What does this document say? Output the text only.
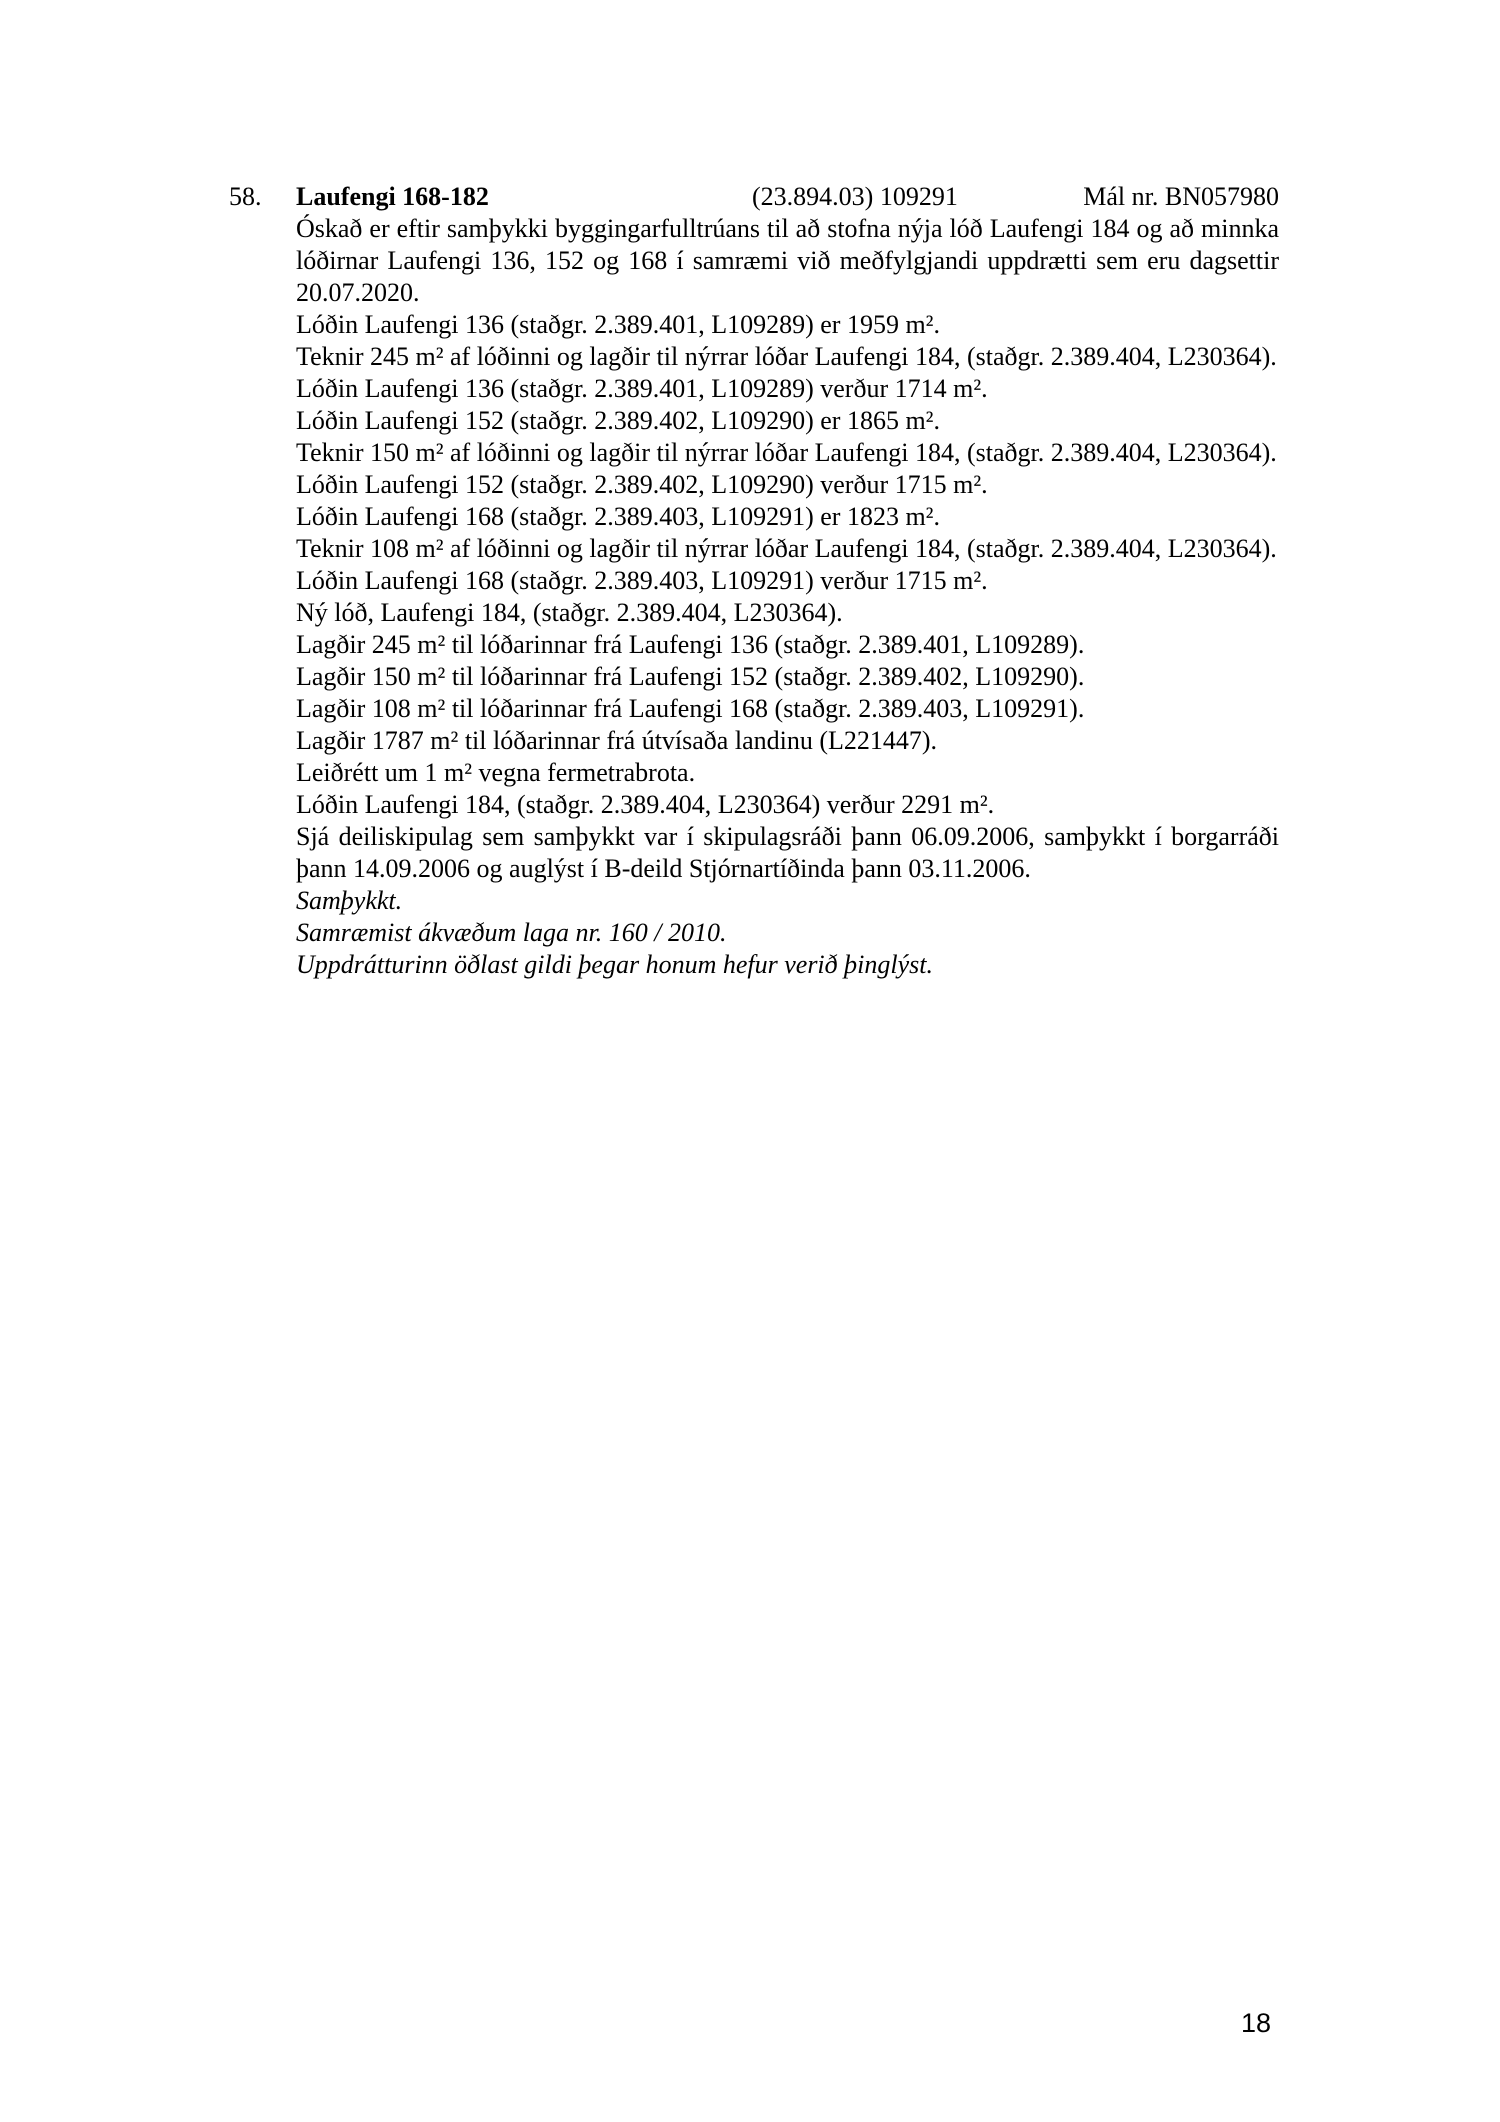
58. Laufengi 168-182	(23.894.03) 109291	Mál nr. BN057980

Óskað er eftir samþykki byggingarfulltrúans til að stofna nýja lóð Laufengi 184 og að minnka lóðirnar Laufengi 136, 152 og 168 í samræmi við meðfylgjandi uppdrætti sem eru dagsettir 20.07.2020.

Lóðin Laufengi 136 (staðgr. 2.389.401, L109289) er 1959 m².

Teknir 245 m² af lóðinni og lagðir til nýrrar lóðar Laufengi 184, (staðgr. 2.389.404, L230364).

Lóðin Laufengi 136 (staðgr. 2.389.401, L109289) verður 1714 m².

Lóðin Laufengi 152 (staðgr. 2.389.402, L109290) er 1865 m².

Teknir 150 m² af lóðinni og lagðir til nýrrar lóðar Laufengi 184, (staðgr. 2.389.404, L230364).

Lóðin Laufengi 152 (staðgr. 2.389.402, L109290) verður 1715 m².

Lóðin Laufengi 168 (staðgr. 2.389.403, L109291) er 1823 m².

Teknir 108 m² af lóðinni og lagðir til nýrrar lóðar Laufengi 184, (staðgr. 2.389.404, L230364).

Lóðin Laufengi 168 (staðgr. 2.389.403, L109291) verður 1715 m².

Ný lóð, Laufengi 184, (staðgr. 2.389.404, L230364).

Lagðir 245 m² til lóðarinnar frá Laufengi 136 (staðgr. 2.389.401, L109289).

Lagðir 150 m² til lóðarinnar frá Laufengi 152 (staðgr. 2.389.402, L109290).

Lagðir 108 m² til lóðarinnar frá Laufengi 168 (staðgr. 2.389.403, L109291).

Lagðir 1787 m² til lóðarinnar frá útvísaða landinu (L221447).

Leiðrétt um 1 m² vegna fermetrabrota.

Lóðin Laufengi 184, (staðgr. 2.389.404, L230364) verður 2291 m².

Sjá deiliskipulag sem samþykkt var í skipulagsráði þann 06.09.2006, samþykkt í borgarráði þann 14.09.2006 og auglýst í B-deild Stjórnartíðinda þann 03.11.2006.

Samþykkt.

Samræmist ákvæðum laga nr. 160 / 2010.

Uppdrátturinn öðlast gildi þegar honum hefur verið þinglýst.

18
